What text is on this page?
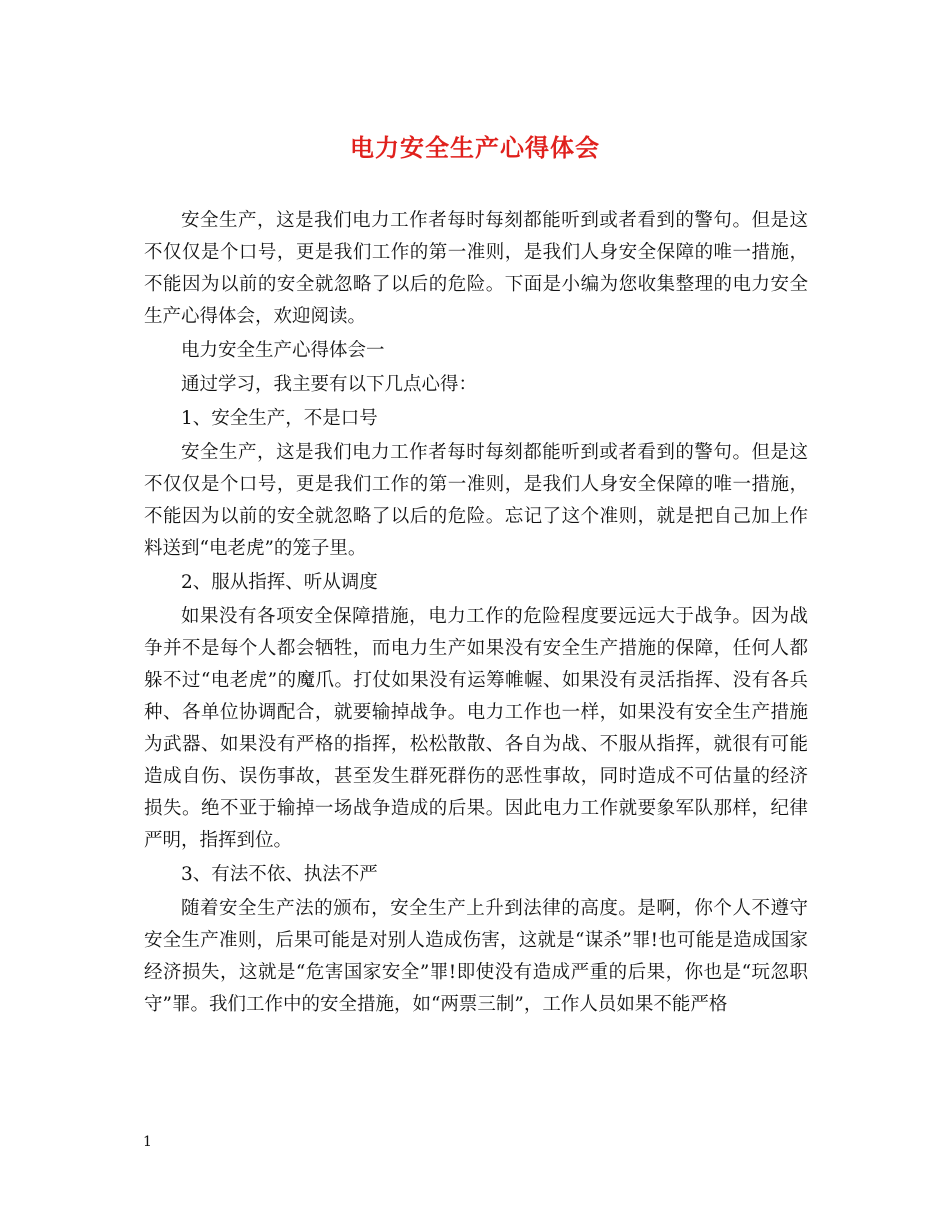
电力安全生产心得体会

安全生产，这是我们电力工作者每时每刻都能听到或者看到的警句。但是这不仅仅是个口号，更是我们工作的第一准则，是我们人身安全保障的唯一措施，不能因为以前的安全就忽略了以后的危险。下面是小编为您收集整理的电力安全生产心得体会，欢迎阅读。

电力安全生产心得体会一

通过学习，我主要有以下几点心得：

1、安全生产，不是口号

安全生产，这是我们电力工作者每时每刻都能听到或者看到的警句。但是这不仅仅是个口号，更是我们工作的第一准则，是我们人身安全保障的唯一措施，不能因为以前的安全就忽略了以后的危险。忘记了这个准则，就是把自己加上作料送到“电老虎”的笼子里。

2、服从指挥、听从调度

如果没有各项安全保障措施，电力工作的危险程度要远远大于战争。因为战争并不是每个人都会牺牲，而电力生产如果没有安全生产措施的保障，任何人都躲不过“电老虎”的魔爪。打仗如果没有运筹帷幄、如果没有灵活指挥、没有各兵种、各单位协调配合，就要输掉战争。电力工作也一样，如果没有安全生产措施为武器、如果没有严格的指挥，松松散散、各自为战、不服从指挥，就很有可能造成自伤、误伤事故，甚至发生群死群伤的恶性事故，同时造成不可估量的经济损失。绝不亚于输掉一场战争造成的后果。因此电力工作就要象军队那样，纪律严明，指挥到位。

3、有法不依、执法不严

随着安全生产法的颁布，安全生产上升到法律的高度。是啊，你个人不遵守安全生产准则，后果可能是对别人造成伤害，这就是“谋杀”罪!也可能是造成国家经济损失，这就是“危害国家安全”罪!即使没有造成严重的后果，你也是“玩忽职守”罪。我们工作中的安全措施，如“两票三制”，工作人员如果不能严格

1
